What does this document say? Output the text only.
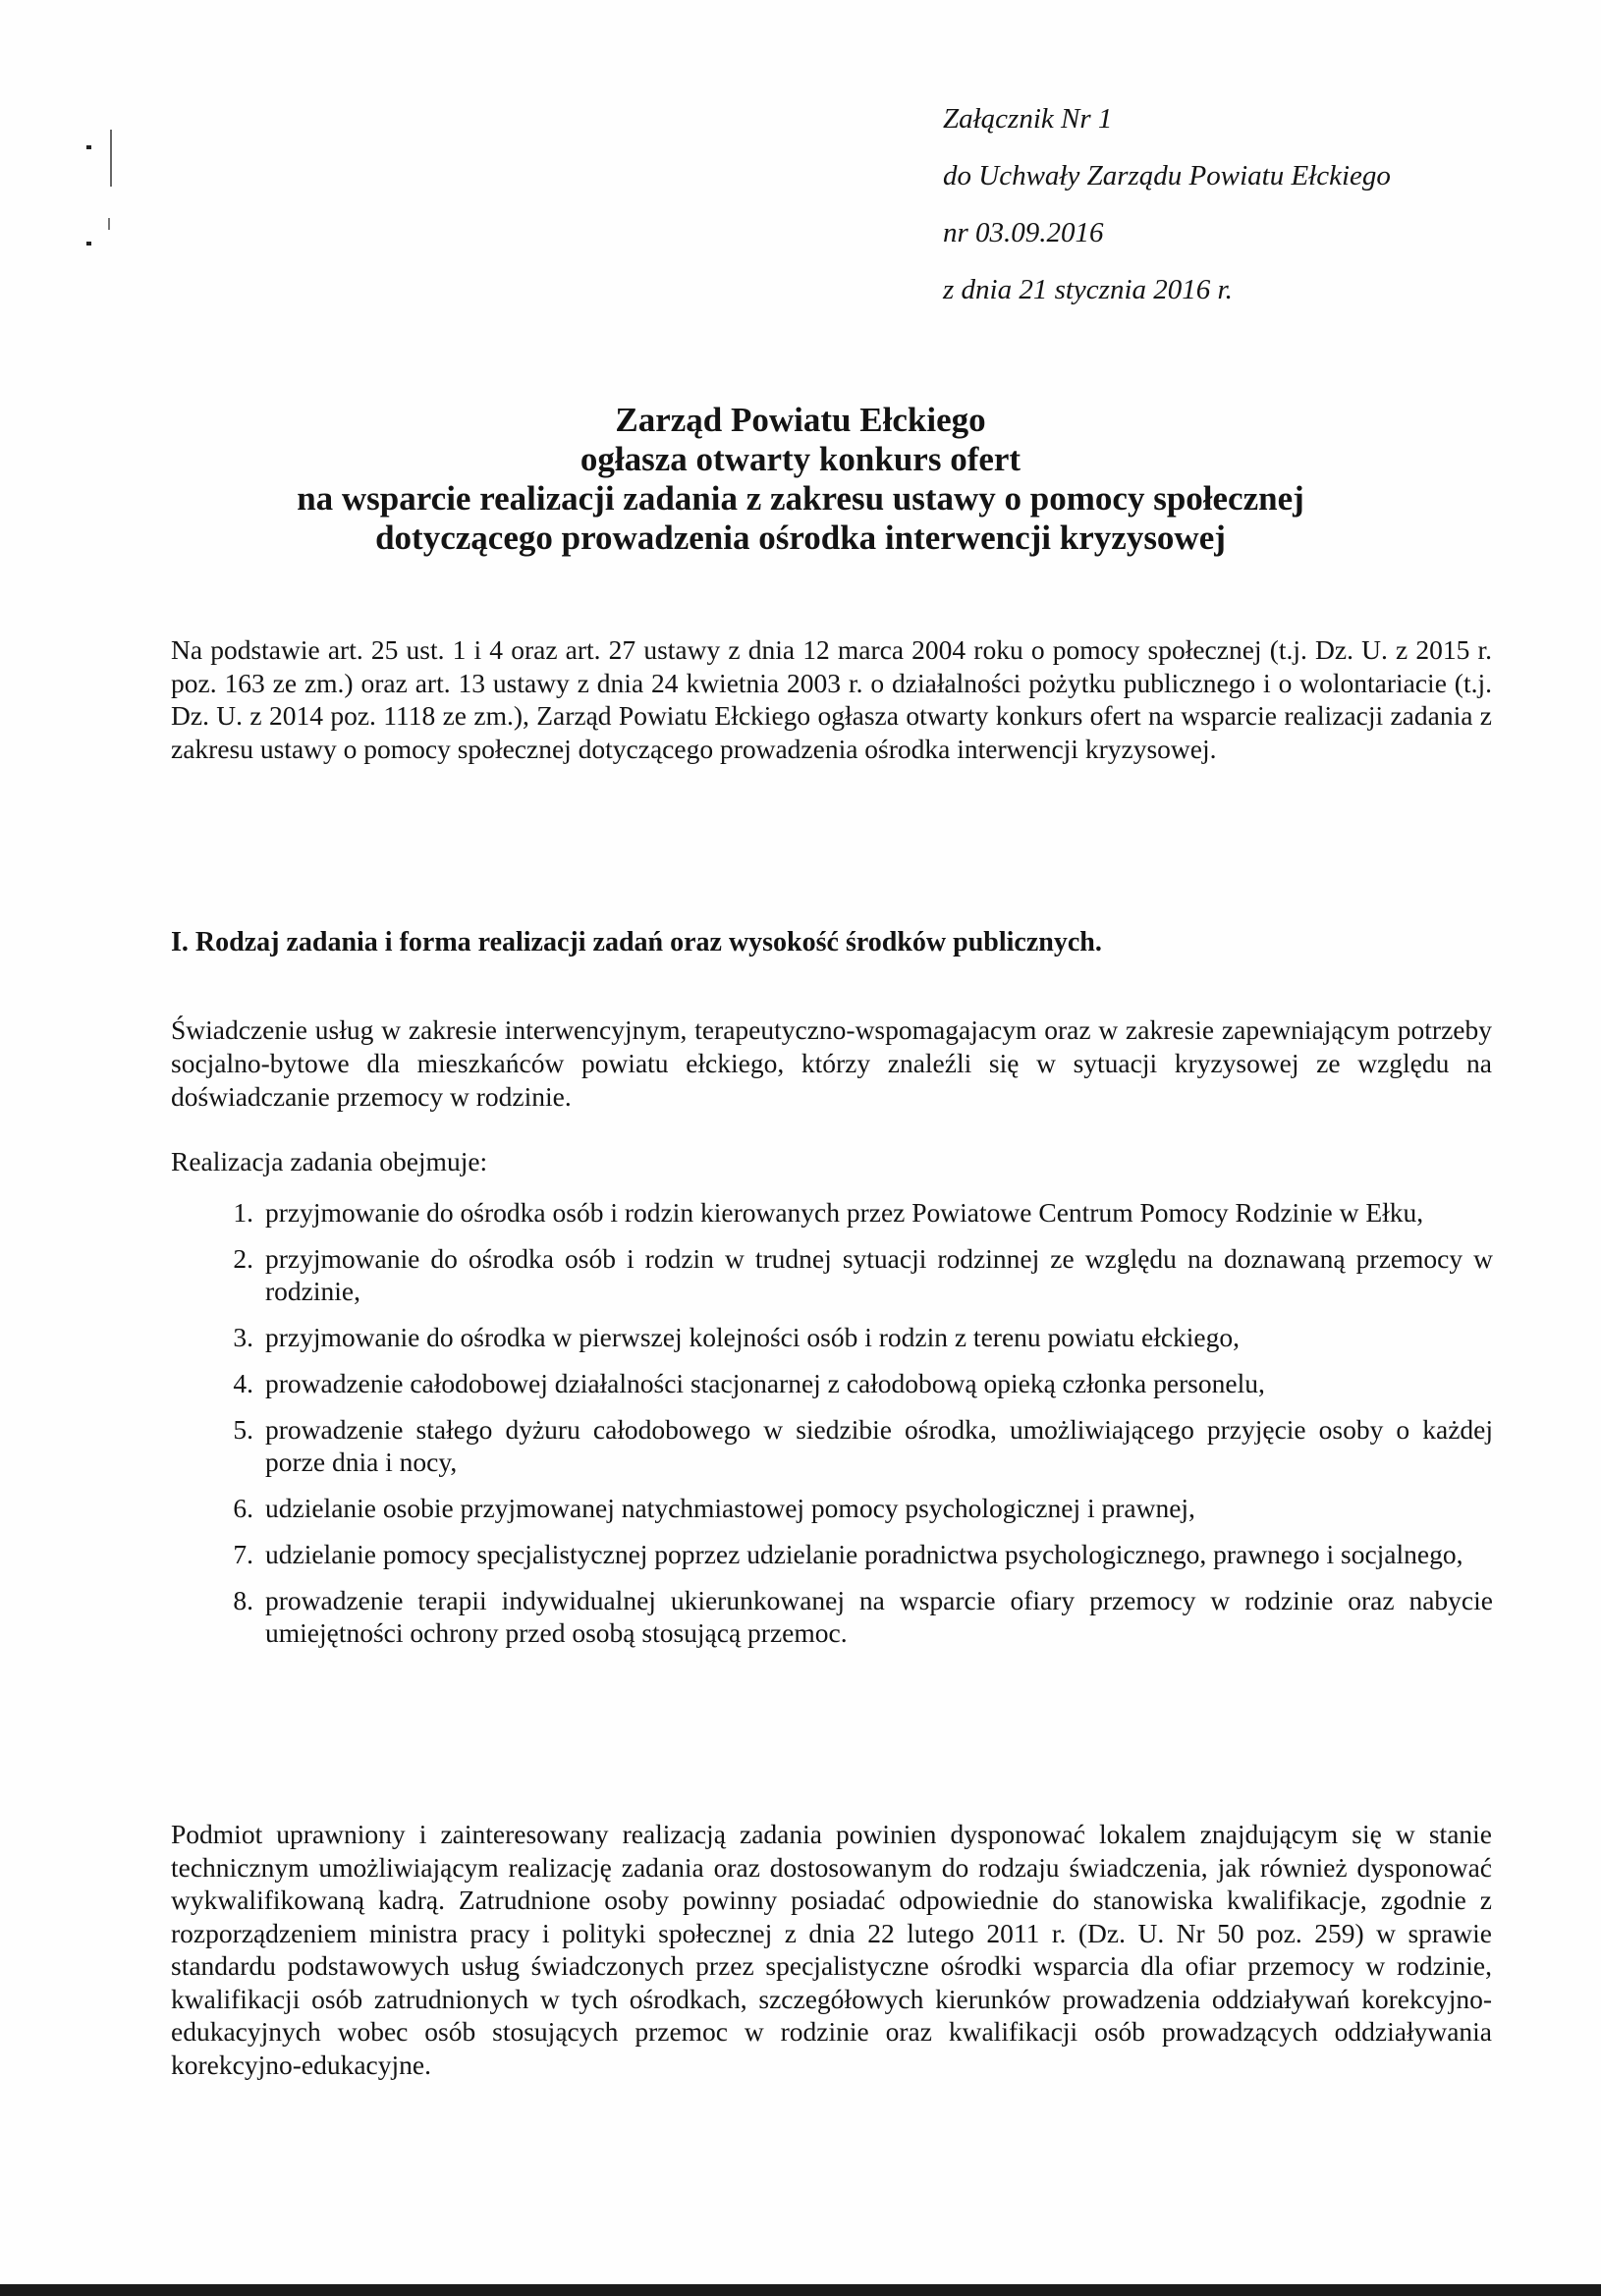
Załącznik Nr 1
do Uchwały Zarządu Powiatu Ełckiego
nr 03.09.2016
z dnia 21 stycznia 2016 r.
Zarząd Powiatu Ełckiego
ogłasza otwarty konkurs ofert
na wsparcie realizacji zadania z zakresu ustawy o pomocy społecznej
dotyczącego prowadzenia ośrodka interwencji kryzysowej
Na podstawie art. 25 ust. 1 i 4 oraz art. 27 ustawy z dnia 12 marca 2004 roku o pomocy społecznej (t.j. Dz. U. z 2015 r. poz. 163 ze zm.) oraz art. 13 ustawy z dnia 24 kwietnia 2003 r. o działalności pożytku publicznego i o wolontariacie (t.j. Dz. U. z 2014 poz. 1118 ze zm.), Zarząd Powiatu Ełckiego ogłasza otwarty konkurs ofert na wsparcie realizacji zadania z zakresu ustawy o pomocy społecznej dotyczącego prowadzenia ośrodka interwencji kryzysowej.
I. Rodzaj zadania i forma realizacji zadań oraz wysokość środków publicznych.
Świadczenie usług w zakresie interwencyjnym, terapeutyczno-wspomagajacym oraz w zakresie zapewniającym potrzeby socjalno-bytowe dla mieszkańców powiatu ełckiego, którzy znaleźli się w sytuacji kryzysowej ze względu na doświadczanie przemocy w rodzinie.
Realizacja zadania obejmuje:
1. przyjmowanie do ośrodka osób i rodzin kierowanych przez Powiatowe Centrum Pomocy Rodzinie w Ełku,
2. przyjmowanie do ośrodka osób i rodzin w trudnej sytuacji rodzinnej ze względu na doznawaną przemocy w rodzinie,
3. przyjmowanie do ośrodka w pierwszej kolejności osób i rodzin z terenu powiatu ełckiego,
4. prowadzenie całodobowej działalności stacjonarnej z całodobową opieką członka personelu,
5. prowadzenie stałego dyżuru całodobowego w siedzibie ośrodka, umożliwiającego przyjęcie osoby o każdej porze dnia i nocy,
6. udzielanie osobie przyjmowanej natychmiastowej pomocy psychologicznej i prawnej,
7. udzielanie pomocy specjalistycznej poprzez udzielanie poradnictwa psychologicznego, prawnego i socjalnego,
8. prowadzenie terapii indywidualnej ukierunkowanej na wsparcie ofiary przemocy w rodzinie oraz nabycie umiejętności ochrony przed osobą stosującą przemoc.
Podmiot uprawniony i zainteresowany realizacją zadania powinien dysponować lokalem znajdującym się w stanie technicznym umożliwiającym realizację zadania oraz dostosowanym do rodzaju świadczenia, jak również dysponować wykwalifikowaną kadrą. Zatrudnione osoby powinny posiadać odpowiednie do stanowiska kwalifikacje, zgodnie z rozporządzeniem ministra pracy i polityki społecznej z dnia 22 lutego 2011 r. (Dz. U. Nr 50 poz. 259) w sprawie standardu podstawowych usług świadczonych przez specjalistyczne ośrodki wsparcia dla ofiar przemocy w rodzinie, kwalifikacji osób zatrudnionych w tych ośrodkach, szczegółowych kierunków prowadzenia oddziaływań korekcyjno-edukacyjnych wobec osób stosujących przemoc w rodzinie oraz kwalifikacji osób prowadzących oddziaływania korekcyjno-edukacyjne.
